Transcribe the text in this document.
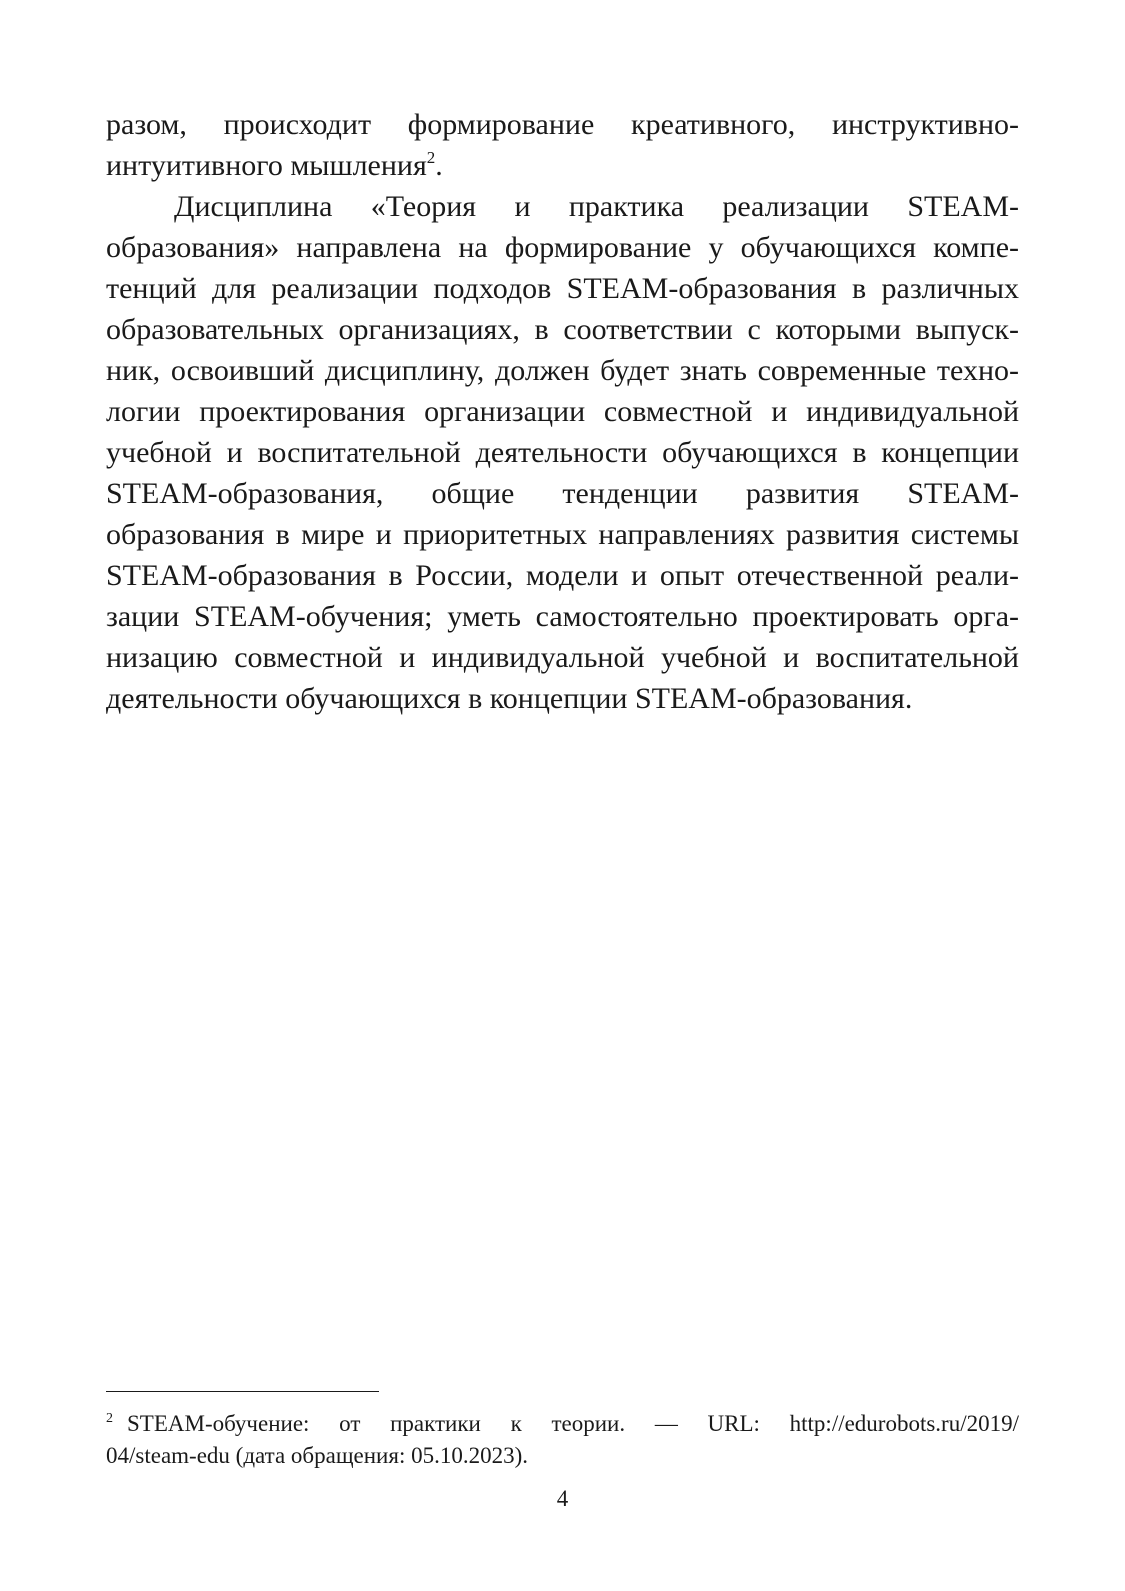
разом, происходит формирование креативного, инструктивно-
интуитивного мышления$^2$.
Дисциплина «Теория и практика реализации STEAM-
образования» направлена на формирование у обучающихся компе-
тенций для реализации подходов STEAM-образования в различных
образовательных организациях, в соответствии с которыми выпуск-
ник, освоивший дисциплину, должен будет знать современные техно-
логии проектирования организации совместной и индивидуальной
учебной и воспитательной деятельности обучающихся в концепции
STEAM-образования, общие тенденции развития STEAM-
образования в мире и приоритетных направлениях развития системы
STEAM-образования в России, модели и опыт отечественной реали-
зации STEAM-обучения; уметь самостоятельно проектировать орга-
низацию совместной и индивидуальной учебной и воспитательной
деятельности обучающихся в концепции STEAM-образования.
$^2$ STEAM-обучение: от практики к теории. — URL: http://edurobots.ru/2019/
04/steam-edu (дата обращения: 05.10.2023).
4
